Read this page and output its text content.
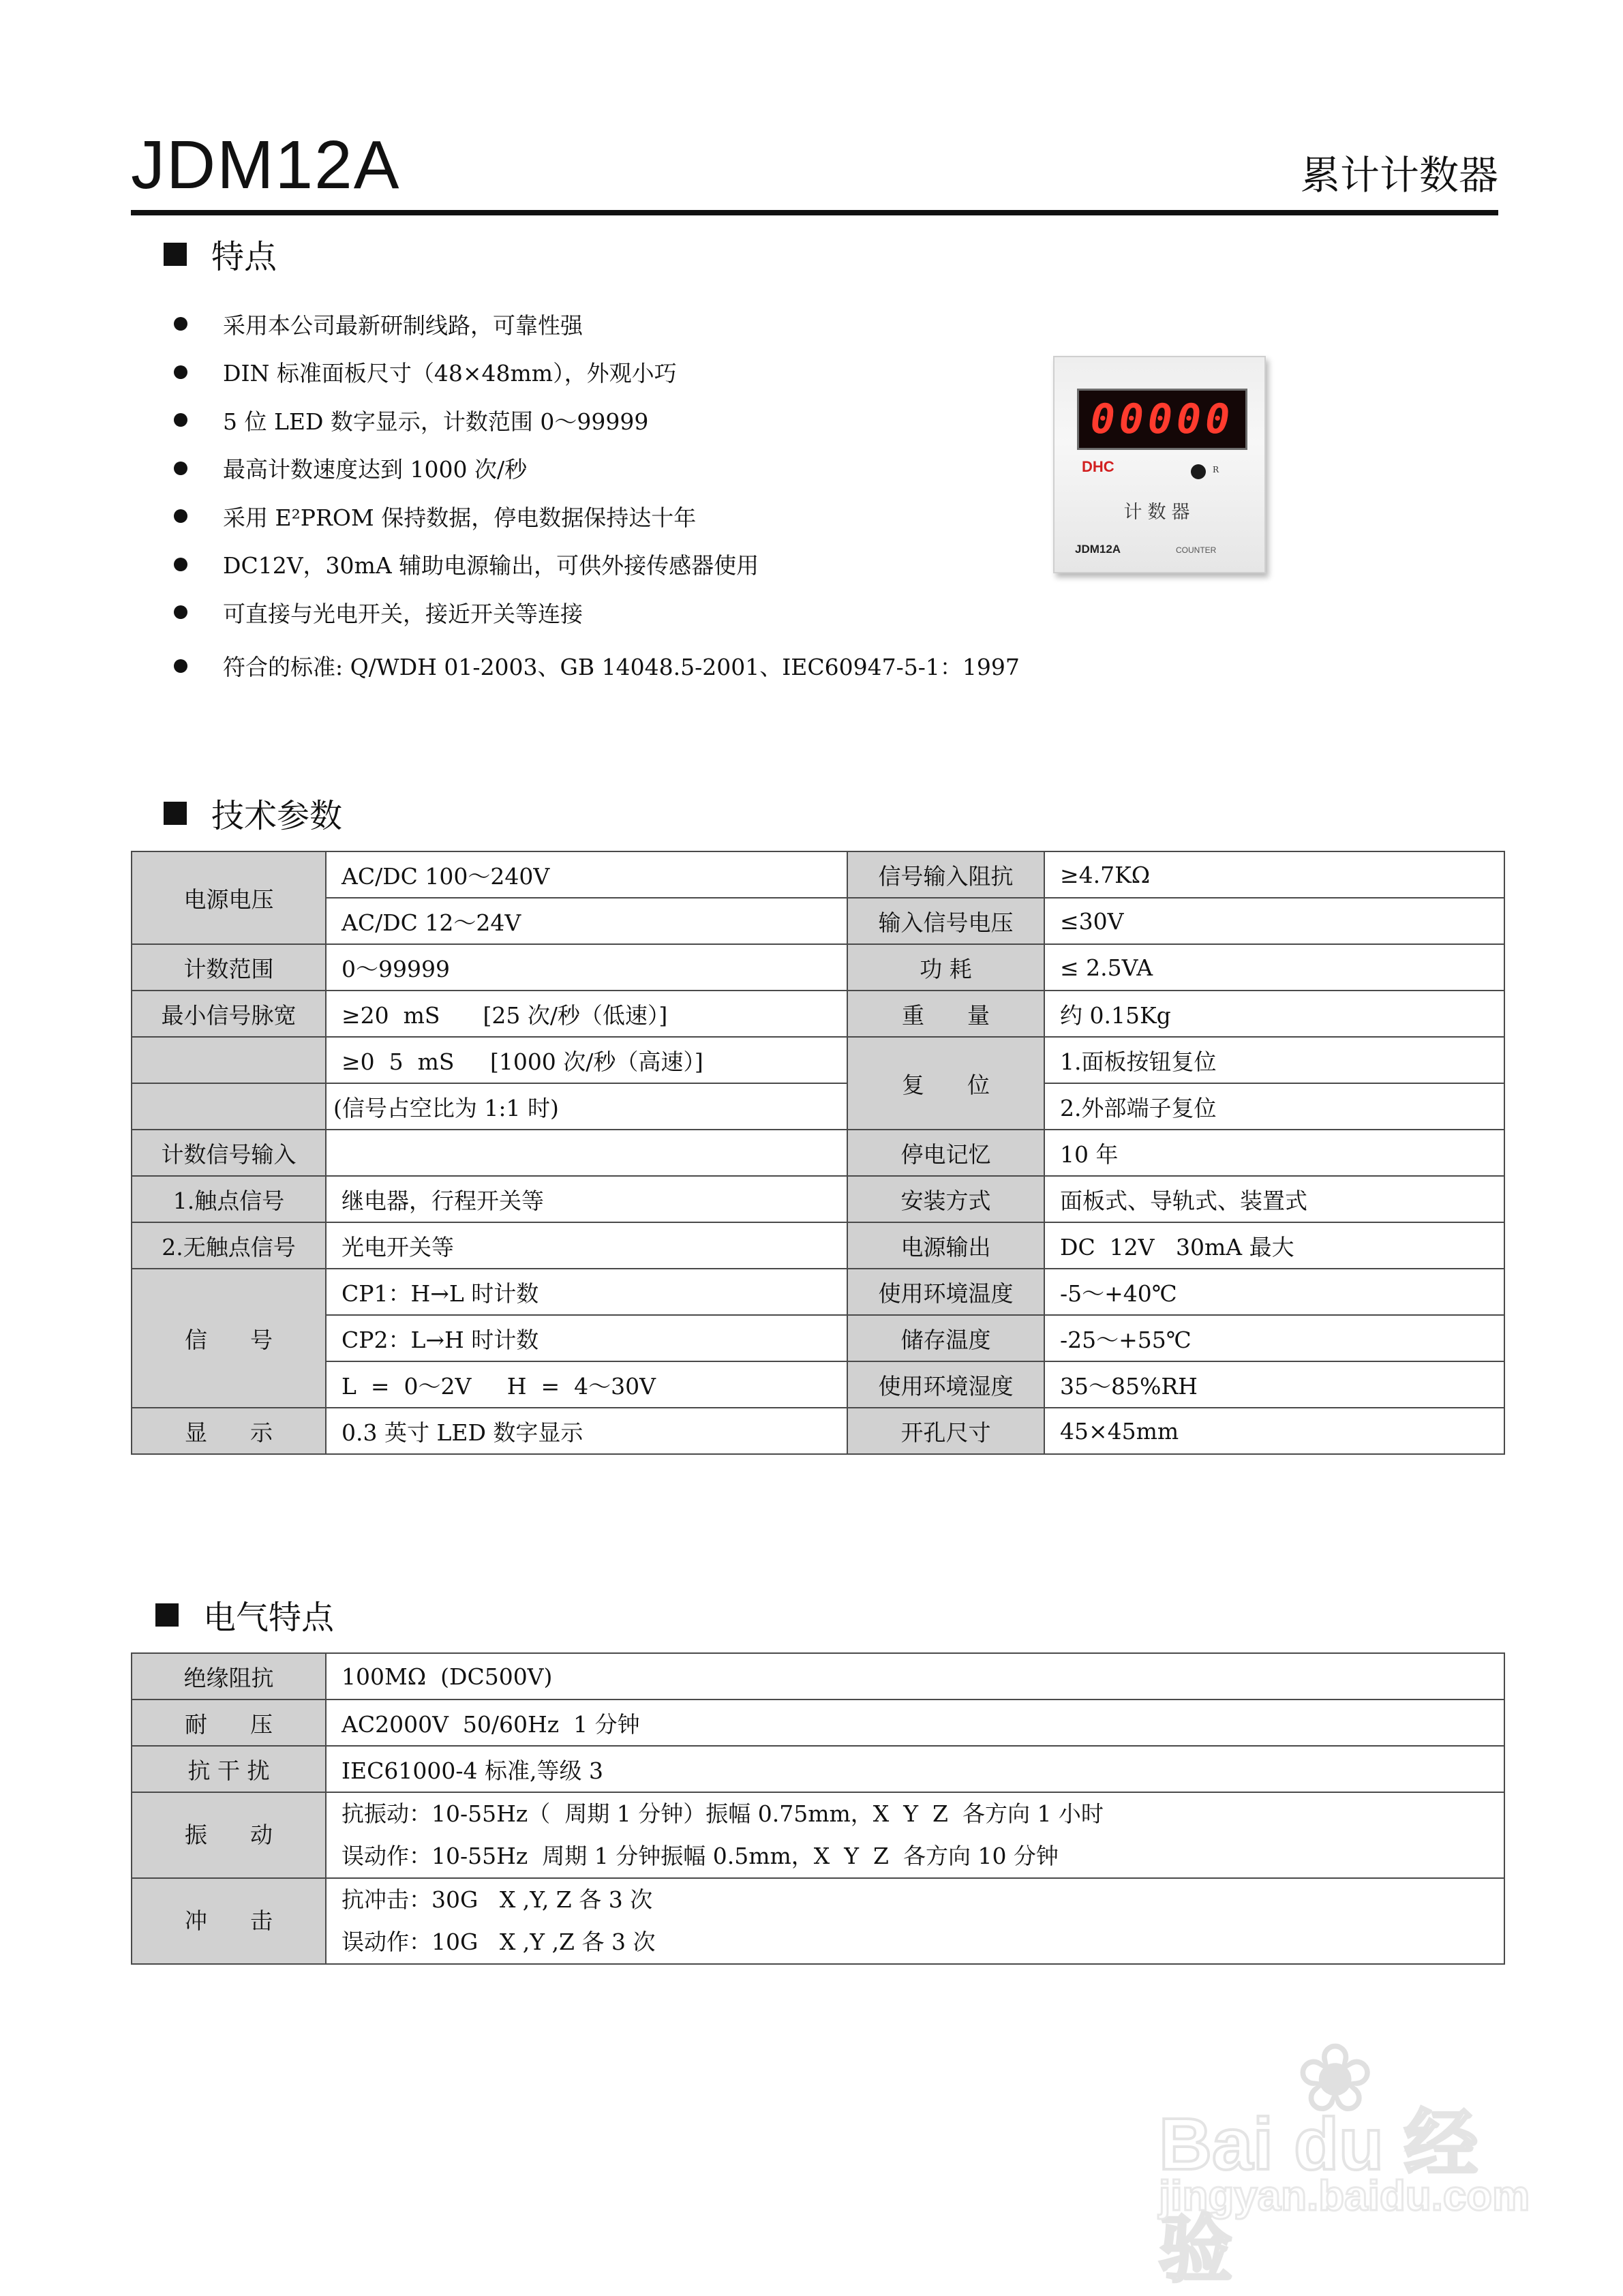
JDM12A	累计计数器
特点
采用本公司最新研制线路，可靠性强
DIN 标准面板尺寸（48×48mm），外观小巧
5 位 LED 数字显示，计数范围 0～99999
最高计数速度达到 1000 次/秒
采用 E²PROM 保持数据，停电数据保持达十年
DC12V，30mA 辅助电源输出，可供外接传感器使用
可直接与光电开关，接近开关等连接
符合的标准: Q/WDH 01-2003、GB 14048.5-2001、IEC60947-5-1：1997
00000
DHC	R
计数器
JDM12A	COUNTER
技术参数
电源电压	AC/DC 100～240V	信号输入阻抗	≥4.7KΩ
	AC/DC 12～24V	输入信号电压	≤30V
计数范围	0～99999	功 耗	≤ 2.5VA
最小信号脉宽	≥20  mS      [25 次/秒（低速）]	重      量	约 0.15Kg
	≥0  5  mS     [1000 次/秒（高速）]	复      位	1.面板按钮复位
	(信号占空比为 1:1 时)		2.外部端子复位
计数信号输入		停电记忆	10 年
1.触点信号	继电器，行程开关等	安装方式	面板式、导轨式、装置式
2.无触点信号	光电开关等	电源输出	DC  12V   30mA 最大
信      号	CP1：H→L 时计数	使用环境温度	-5～+40℃
	CP2：L→H 时计数	储存温度	-25～+55℃
	L  =  0～2V     H  =  4～30V	使用环境湿度	35～85%RH
显      示	0.3 英寸 LED 数字显示	开孔尺寸	45×45mm
电气特点
绝缘阻抗	100MΩ  (DC500V)
耐      压	AC2000V  50/60Hz  1 分钟
抗 干 扰	IEC61000-4 标准,等级 3
振      动	抗振动：10-55Hz（  周期 1 分钟）振幅 0.75mm，X  Y  Z  各方向 1 小时
误动作：10-55Hz  周期 1 分钟振幅 0.5mm，X  Y  Z  各方向 10 分钟

冲      击	抗冲击：30G   X ,Y, Z 各 3 次
误动作：10G   X ,Y ,Z 各 3 次
❀
Bai du 经验
jingyan.baidu.com
